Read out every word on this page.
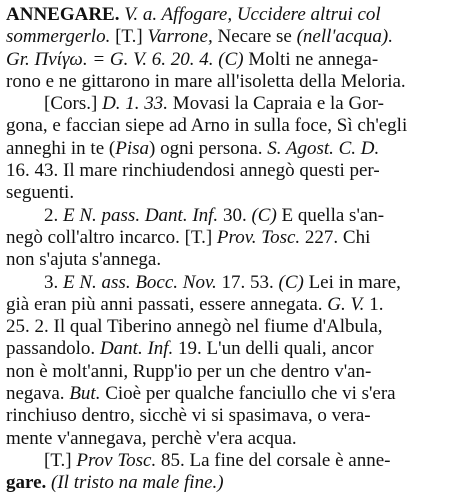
ANNEGARE. V. a. Affogare, Uccidere altrui col
sommergerlo. [T.] Varrone, Necare se (nell'acqua).
Gr. Πνίγω. = G. V. 6. 20. 4. (C) Molti ne annega-
rono e ne gittarono in mare all'isoletta della Meloria.
[Cors.] D. 1. 33. Movasi la Capraia e la Gor-
gona, e faccian siepe ad Arno in sulla foce, Sì ch'egli
anneghi in te (Pisa) ogni persona. S. Agost. C. D.
16. 43. Il mare rinchiudendosi annegò questi per-
seguenti.
2. E N. pass. Dant. Inf. 30. (C) E quella s'an-
negò coll'altro incarco. [T.] Prov. Tosc. 227. Chi
non s'ajuta s'annega.
3. E N. ass. Bocc. Nov. 17. 53. (C) Lei in mare,
già eran più anni passati, essere annegata. G. V. 1.
25. 2. Il qual Tiberino annegò nel fiume d'Albula,
passandolo. Dant. Inf. 19. L'un delli quali, ancor
non è molt'anni, Rupp'io per un che dentro v'an-
negava. But. Cioè per qualche fanciullo che vi s'era
rinchiuso dentro, sicchè vi si spasimava, o vera-
mente v'annegava, perchè v'era acqua.
[T.] Prov Tosc. 85. La fine del corsale è anne-
gare. (Il tristo na male fine.)
